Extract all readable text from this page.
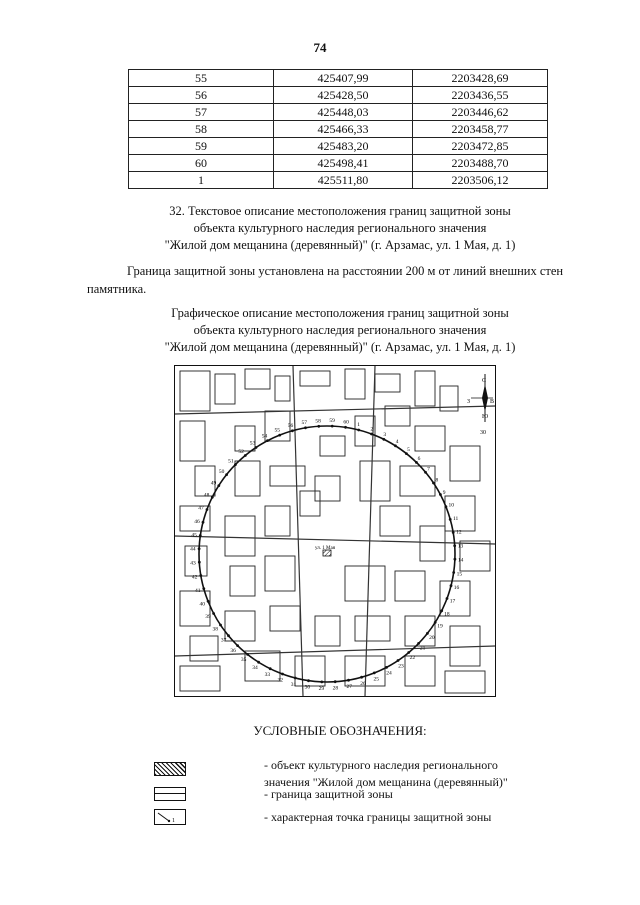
74
55	425407,99	2203428,69
56	425428,50	2203436,55
57	425448,03	2203446,62
58	425466,33	2203458,77
59	425483,20	2203472,85
60	425498,41	2203488,70
1	425511,80	2203506,12
32. Текстовое описание местоположения границ защитной зоны
объекта культурного наследия регионального значения
"Жилой дом мещанина (деревянный)" (г. Арзамас, ул. 1 Мая, д. 1)
Граница защитной зоны установлена на расстоянии 200 м от линий внешних стен
памятника.
Графическое описание местоположения границ защитной зоны
объекта культурного наследия регионального значения
"Жилой дом мещанина (деревянный)" (г. Арзамас, ул. 1 Мая, д. 1)
1
2
3
4
5
6
7
8
9
10
11
12
13
14
15
16
17
18
19
20
21
22
23
24
25
26
27
28
29
30
31
32
33
34
35
36
37
38
39
40
41
42
43
44
45
46
47
48
49
50
51
52
53
54
55
56
57 58 59 60
ул. 1 Мая
С
В
З
Ю
30
УСЛОВНЫЕ ОБОЗНАЧЕНИЯ:
- объект культурного наследия регионального
значения "Жилой дом мещанина (деревянный)"
- граница защитной зоны
1	- характерная точка границы защитной зоны
